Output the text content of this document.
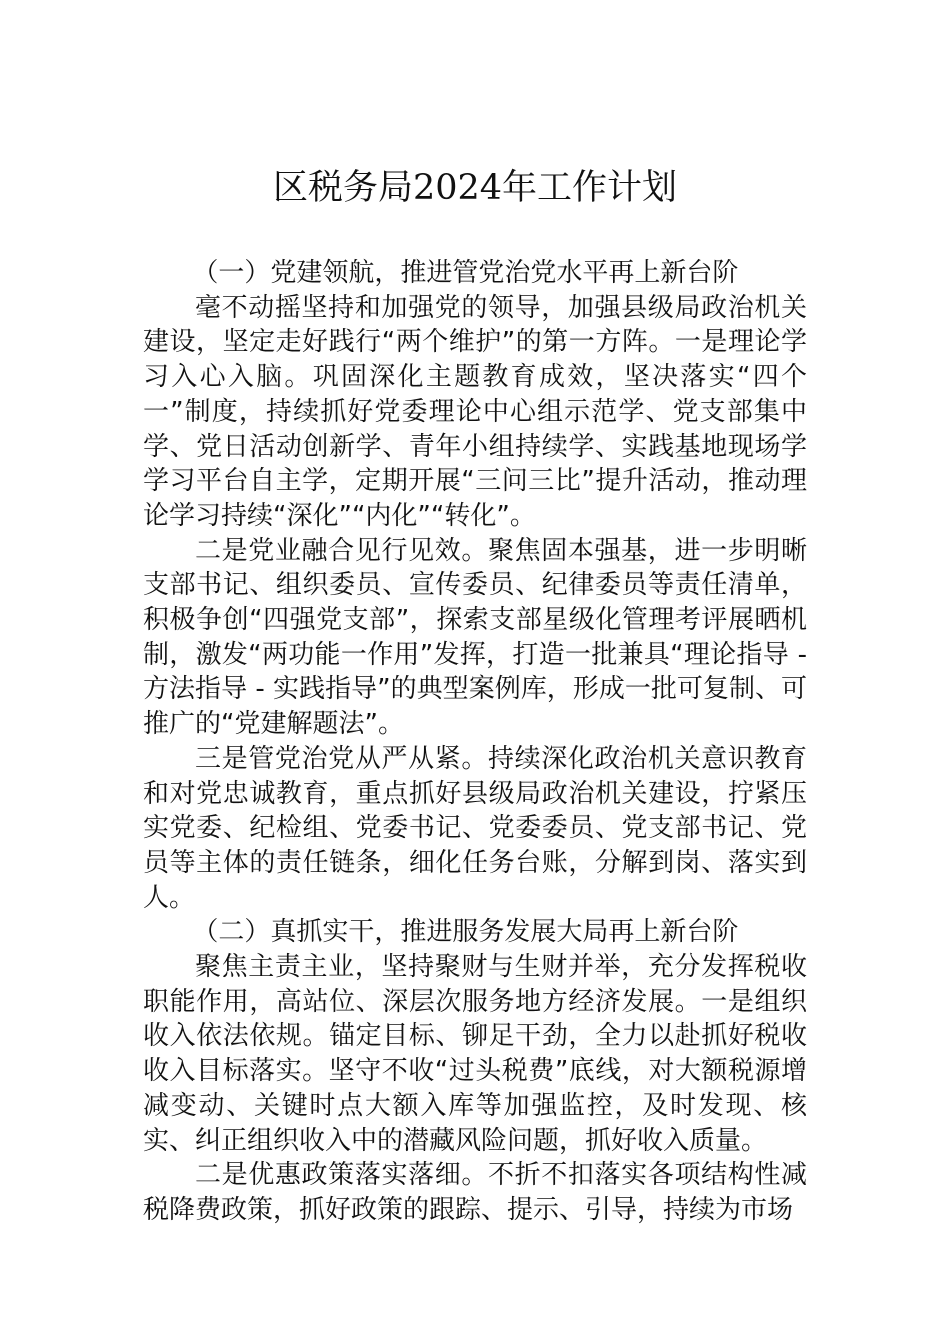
区税务局2024年工作计划

（一）党建领航，推进管党治党水平再上新台阶

毫不动摇坚持和加强党的领导，加强县级局政治机关建设，坚定走好践行“两个维护”的第一方阵。一是理论学习入心入脑。巩固深化主题教育成效，坚决落实“四个一”制度，持续抓好党委理论中心组示范学、党支部集中学、党日活动创新学、青年小组持续学、实践基地现场学学习平台自主学，定期开展“三问三比”提升活动，推动理论学习持续“深化”“内化”“转化”。

二是党业融合见行见效。聚焦固本强基，进一步明晰支部书记、组织委员、宣传委员、纪律委员等责任清单，积极争创“四强党支部”，探索支部星级化管理考评展晒机制，激发“两功能一作用”发挥，打造一批兼具“理论指导 - 方法指导 - 实践指导”的典型案例库，形成一批可复制、可推广的“党建解题法”。

三是管党治党从严从紧。持续深化政治机关意识教育和对党忠诚教育，重点抓好县级局政治机关建设，拧紧压实党委、纪检组、党委书记、党委委员、党支部书记、党员等主体的责任链条，细化任务台账，分解到岗、落实到人。

（二）真抓实干，推进服务发展大局再上新台阶

聚焦主责主业，坚持聚财与生财并举，充分发挥税收职能作用，高站位、深层次服务地方经济发展。一是组织收入依法依规。锚定目标、铆足干劲，全力以赴抓好税收收入目标落实。坚守不收“过头税费”底线，对大额税源增减变动、关键时点大额入库等加强监控，及时发现、核实、纠正组织收入中的潜藏风险问题，抓好收入质量。

二是优惠政策落实落细。不折不扣落实各项结构性减税降费政策，抓好政策的跟踪、提示、引导，持续为市场
